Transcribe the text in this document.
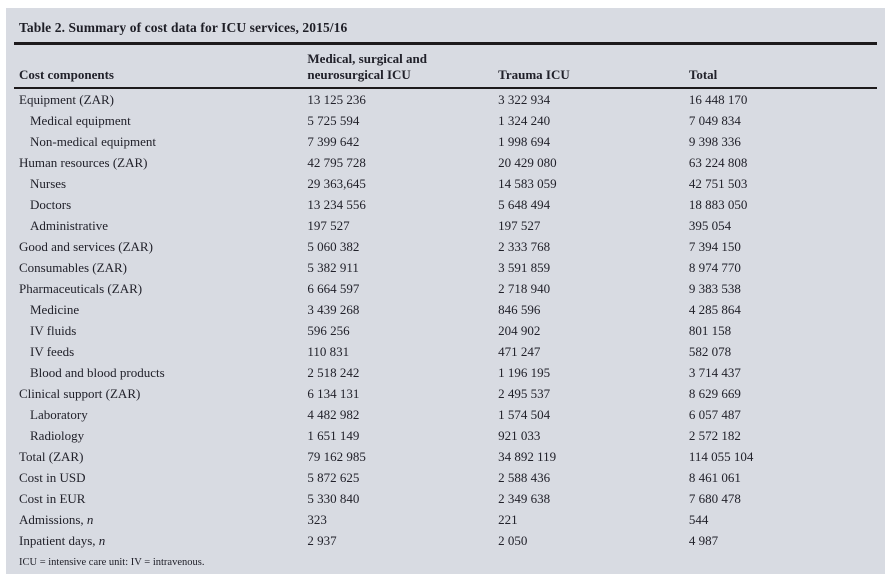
Table 2. Summary of cost data for ICU services, 2015/16
Cost components	Medical, surgical and neurosurgical ICU	Trauma ICU	Total
Equipment (ZAR)	13 125 236	3 322 934	16 448 170
Medical equipment	5 725 594	1 324 240	7 049 834
Non-medical equipment	7 399 642	1 998 694	9 398 336
Human resources (ZAR)	42 795 728	20 429 080	63 224 808
Nurses	29 363,645	14 583 059	42 751 503
Doctors	13 234 556	5 648 494	18 883 050
Administrative	197 527	197 527	395 054
Good and services (ZAR)	5 060 382	2 333 768	7 394 150
Consumables (ZAR)	5 382 911	3 591 859	8 974 770
Pharmaceuticals (ZAR)	6 664 597	2 718 940	9 383 538
Medicine	3 439 268	846 596	4 285 864
IV fluids	596 256	204 902	801 158
IV feeds	110 831	471 247	582 078
Blood and blood products	2 518 242	1 196 195	3 714 437
Clinical support (ZAR)	6 134 131	2 495 537	8 629 669
Laboratory	4 482 982	1 574 504	6 057 487
Radiology	1 651 149	921 033	2 572 182
Total (ZAR)	79 162 985	34 892 119	114 055 104
Cost in USD	5 872 625	2 588 436	8 461 061
Cost in EUR	5 330 840	2 349 638	7 680 478
Admissions, n	323	221	544
Inpatient days, n	2 937	2 050	4 987
ICU = intensive care unit: IV = intravenous.
